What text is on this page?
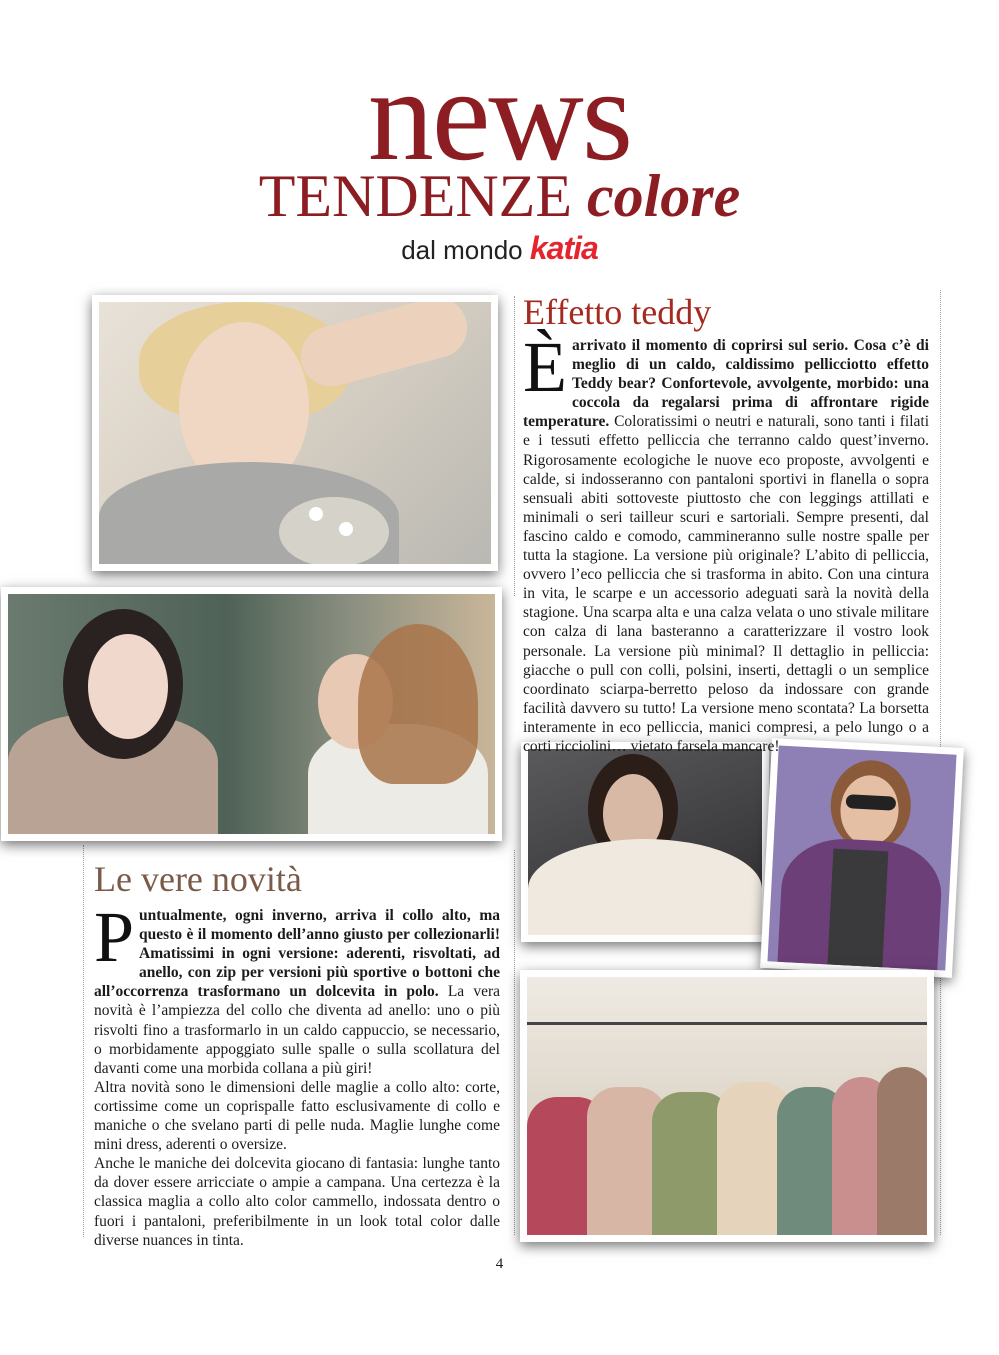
news
TENDENZE colore
dal mondo katia
Effetto teddy
Èarrivato il momento di coprirsi sul serio. Cosa c’è di meglio di un caldo, caldissimo pellicciotto effetto Teddy bear? Confortevole, avvolgente, morbido: una coccola da regalarsi prima di affrontare rigide temperature. Coloratissimi o neutri e naturali, sono tanti i filati e i tessuti effetto pelliccia che terranno caldo quest’inverno. Rigorosamente ecologiche le nuove eco proposte, avvolgenti e calde, si indosseranno con pantaloni sportivi in flanella o sopra sensuali abiti sottoveste piuttosto che con leggings attillati e minimali o seri tailleur scuri e sartoriali. Sempre presenti, dal fascino caldo e comodo, cammineranno sulle nostre spalle per tutta la stagione. La versione più originale? L’abito di pelliccia, ovvero l’eco pelliccia che si trasforma in abito. Con una cintura in vita, le scarpe e un accessorio adeguati sarà la novità della stagione. Una scarpa alta e una calza velata o uno stivale militare con calza di lana basteranno a caratterizzare il vostro look personale. La versione più minimal? Il dettaglio in pelliccia: giacche o pull con colli, polsini, inserti, dettagli o un semplice coordinato sciarpa-berretto peloso da indossare con grande facilità davvero su tutto! La versione meno scontata? La borsetta interamente in eco pelliccia, manici compresi, a pelo lungo o a corti ricciolini… vietato farsela mancare!
Le vere novità
Puntualmente, ogni inverno, arriva il collo alto, ma questo è il momento dell’anno giusto per collezionarli! Amatissimi in ogni versione: aderenti, risvoltati, ad anello, con zip per versioni più sportive o bottoni che all’occorrenza trasformano un dolcevita in polo. La vera novità è l’ampiezza del collo che diventa ad anello: uno o più risvolti fino a trasformarlo in un caldo cappuccio, se necessario, o morbidamente appoggiato sulle spalle o sulla scollatura del davanti come una morbida collana a più giri!
Altra novità sono le dimensioni delle maglie a collo alto: corte, cortissime come un coprispalle fatto esclusivamente di collo e maniche o che svelano parti di pelle nuda. Maglie lunghe come mini dress, aderenti o oversize.
Anche le maniche dei dolcevita giocano di fantasia: lunghe tanto da dover essere arricciate o ampie a campana. Una certezza è la classica maglia a collo alto color cammello, indossata dentro o fuori i pantaloni, preferibilmente in un look total color dalle diverse nuances in tinta.
4
